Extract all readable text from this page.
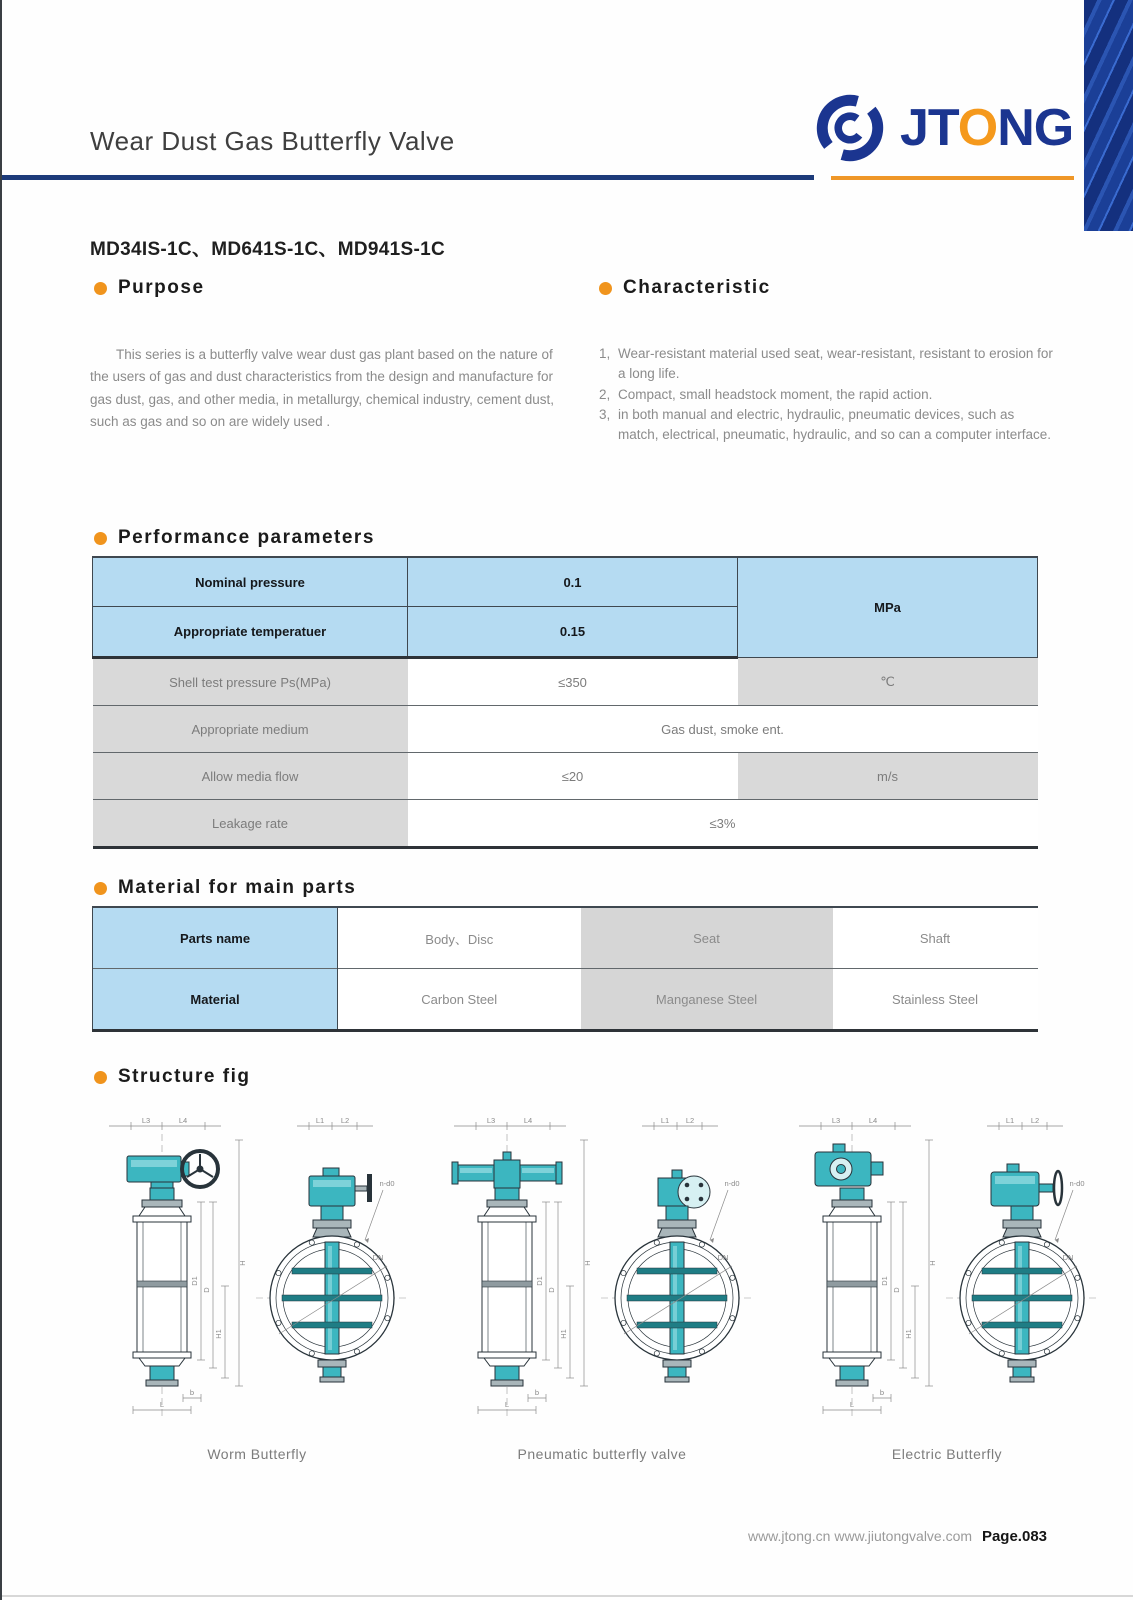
Wear Dust Gas Butterfly Valve	JTONG
MD34IS-1C、MD641S-1C、MD941S-1C
Purpose
This series is a butterfly valve wear dust gas plant based on the nature of the users of gas and dust characteristics from the design and manufacture for gas dust, gas, and other media, in metallurgy, chemical industry, cement dust, such as gas and so on are widely used .
Characteristic
1, Wear-resistant material used seat, wear-resistant, resistant to erosion for a long life.
2, Compact, small headstock moment, the rapid action.
3, in both manual and electric, hydraulic, pneumatic devices, such as match, electrical, pneumatic, hydraulic, and so can a computer interface.
Performance parameters
Nominal pressure	0.1	MPa
Appropriate temperatuer	0.15	
Shell test pressure Ps(MPa)	≤350	℃
Appropriate medium	Gas dust, smoke ent.	
Allow media flow	≤20	m/s
Leakage rate	≤3%	
Material for main parts
Parts name	Body、Disc	Seat	Shaft
Material	Carbon Steel	Manganese Steel	Stainless Steel
Structure fig
L3	L4
H
D1
D
H1
b
L
L1 L2
n-d0
DN
Worm Butterfly
L3	L4
H
D1
D
H1
b
L
L1 L2
n-d0
DN
Pneumatic butterfly valve
L3	L4
H
D1
D
H1
b
L
L1 L2
n-d0
DN
Electric Butterfly
www.jtong.cn www.jiutongvalve.com Page.083
